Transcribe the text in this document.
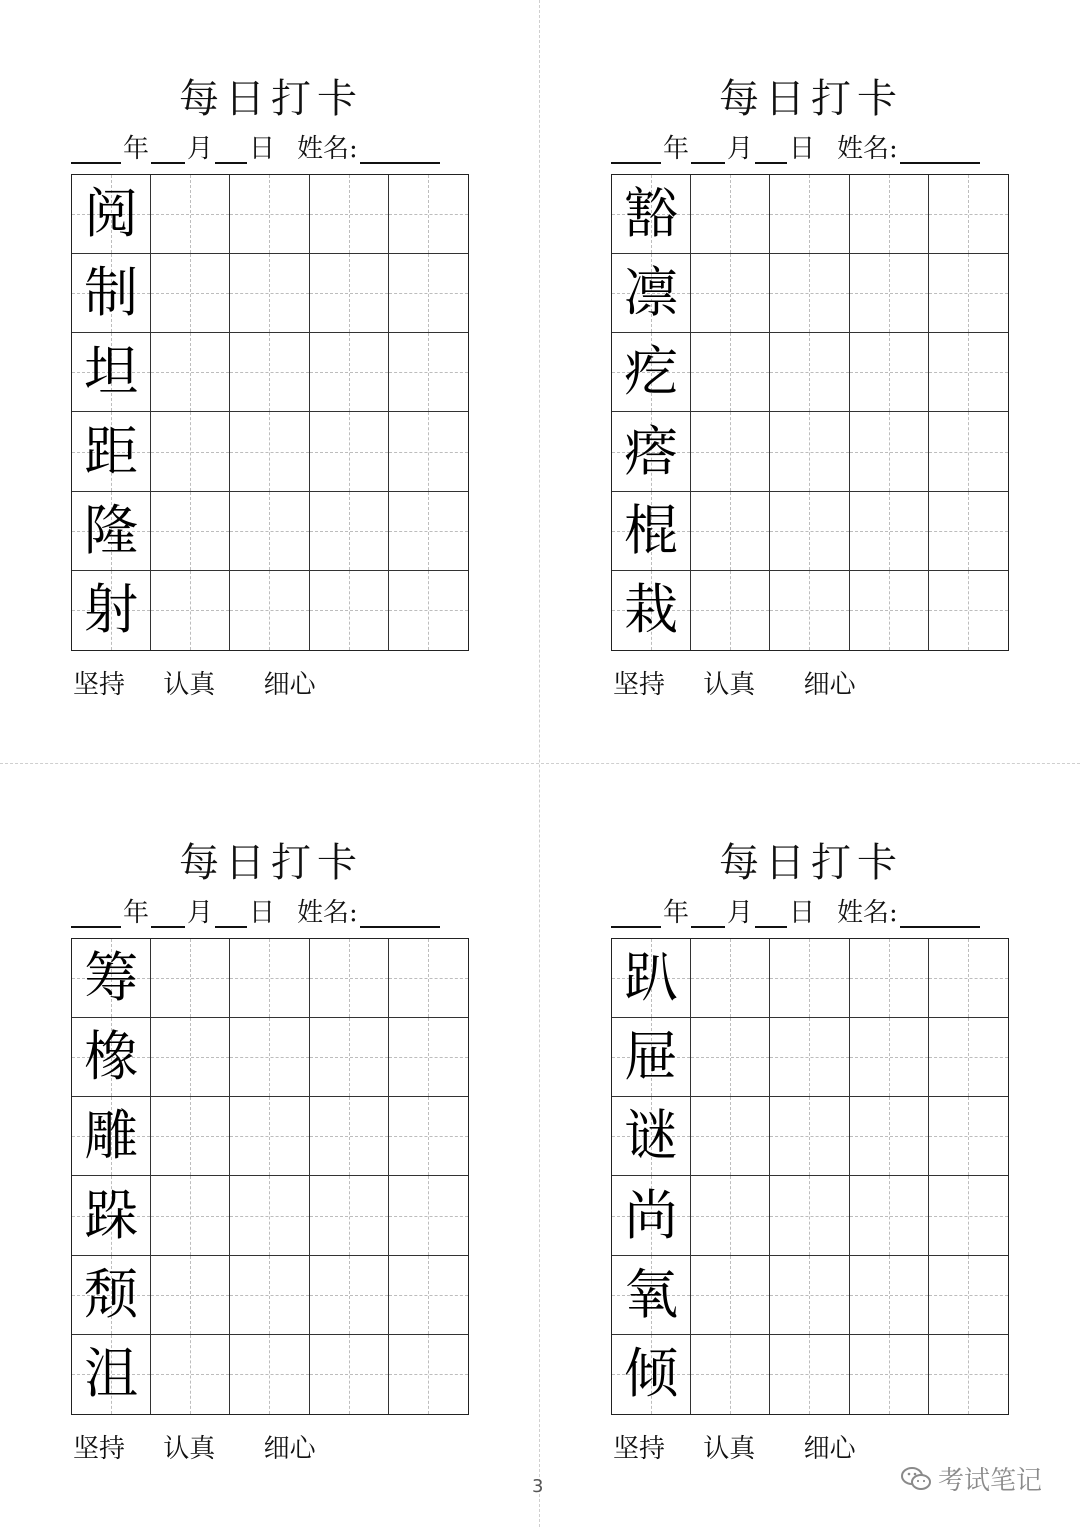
每日打卡
年 月 日 姓名:
阅
制
坦
距
隆
射
坚持 认真 细心
每日打卡
年 月 日 姓名:
豁
凛
疙
瘩
棍
栽
坚持 认真 细心
每日打卡
年 月 日 姓名:
筹
橡
雕
跺
颓
沮
坚持 认真 细心
每日打卡
年 月 日 姓名:
趴
屉
谜
尚
氧
倾
坚持 认真 细心
3	考试笔记
